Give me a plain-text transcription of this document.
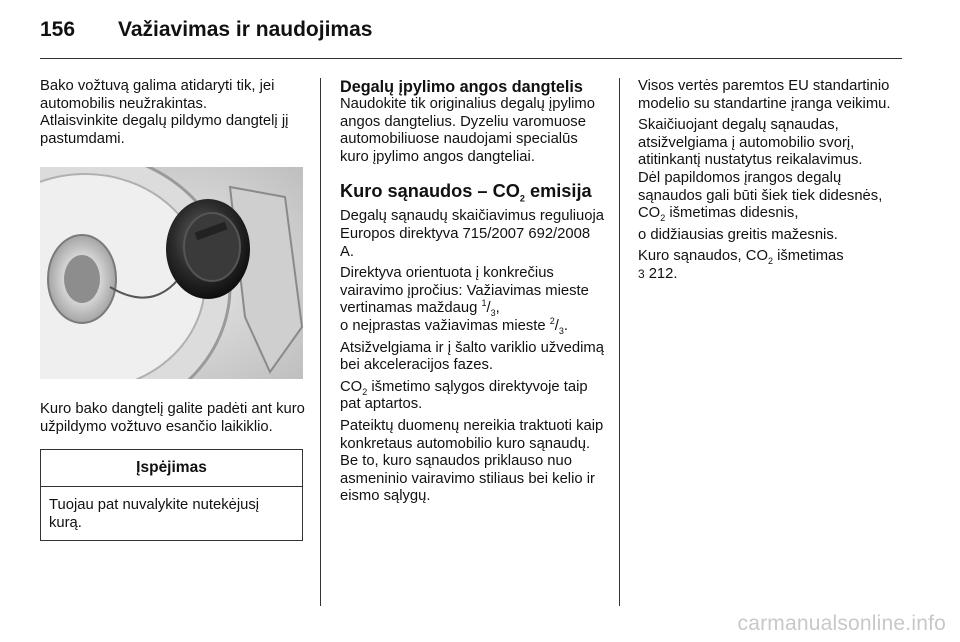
156	Važiavimas ir naudojimas

Bako vožtuvą galima atidaryti tik, jei automobilis neužrakintas.

Atlaisvinkite degalų pildymo dangtelį jį pastumdami.

Kuro bako dangtelį galite padėti ant kuro užpildymo vožtuvo esančio laikiklio.

Įspėjimas
Tuojau pat nuvalykite nutekėjusį kurą.
Degalų įpylimo angos dangtelis

Naudokite tik originalius degalų įpylimo angos dangtelius. Dyzeliu varomuose automobiliuose naudojami specialūs kuro įpylimo angos dangteliai.

Kuro sąnaudos – $CO_2$ emisija

Degalų sąnaudų skaičiavimus reguliuoja Europos direktyva 715/2007 692/2008 A.

Direktyva orientuota į konkrečius vairavimo įpročius: Važiavimas mieste vertinamas maždaug $^1/_3$,

o neįprastas važiavimas mieste $^2/_3$.

Atsižvelgiama ir į šalto variklio užvedimą bei akceleracijos fazes.

$CO_2$ išmetimo sąlygos direktyvoje taip pat aptartos.

Pateiktų duomenų nereikia traktuoti kaip konkretaus automobilio kuro sąnaudų. Be to, kuro sąnaudos priklauso nuo asmeninio vairavimo stiliaus bei kelio ir eismo sąlygų.

Visos vertės paremtos EU standartinio modelio su standartine įranga veikimu.

Skaičiuojant degalų sąnaudas, atsižvelgiama į automobilio svorį, atitinkantį nustatytus reikalavimus.

Dėl papildomos įrangos degalų sąnaudos gali būti šiek tiek didesnės,

$CO_2$ išmetimas didesnis,

o didžiausias greitis mažesnis.

Kuro sąnaudos, $CO_2$ išmetimas

3 212.

carmanualsonline.info
